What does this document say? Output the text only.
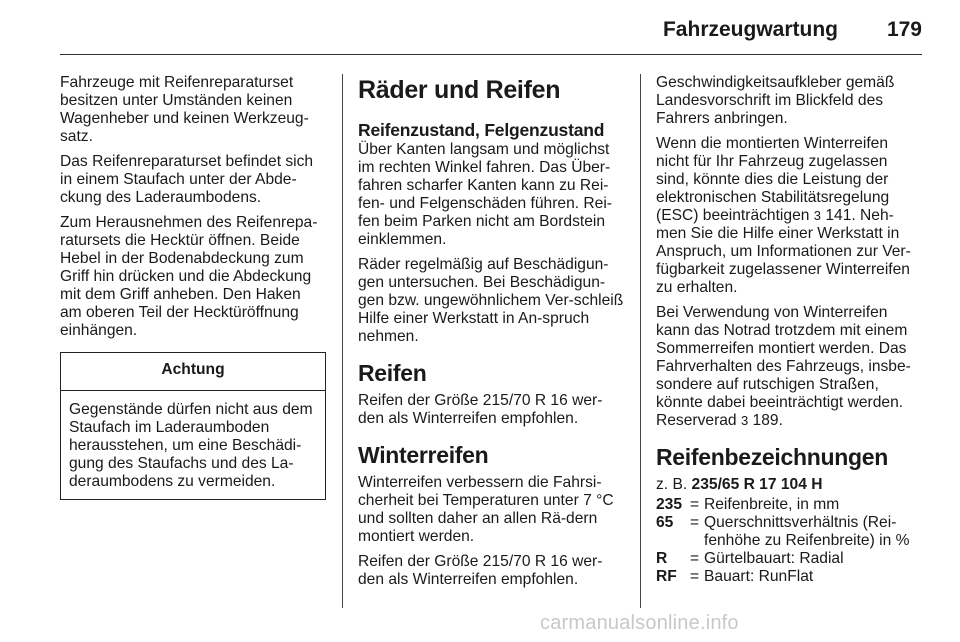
Fahrzeugwartung 179

Fahrzeuge mit Reifenreparaturset besitzen unter Umständen keinen Wagenheber und keinen Werkzeug-satz.

Das Reifenreparaturset befindet sich in einem Staufach unter der Abde-ckung des Laderaumbodens.

Zum Herausnehmen des Reifenrepa-ratursets die Hecktür öffnen. Beide Hebel in der Bodenabdeckung zum Griff hin drücken und die Abdeckung mit dem Griff anheben. Den Haken am oberen Teil der Hecktüröffnung einhängen.

Achtung

Gegenstände dürfen nicht aus dem Staufach im Laderaumboden herausstehen, um eine Beschädi-gung des Staufachs und des La-deraumbodens zu vermeiden.

Räder und Reifen
Reifenzustand, Felgenzustand

Über Kanten langsam und möglichst im rechten Winkel fahren. Das Über-fahren scharfer Kanten kann zu Rei-fen- und Felgenschäden führen. Rei-fen beim Parken nicht am Bordstein einklemmen.

Räder regelmäßig auf Beschädigun-gen untersuchen. Bei Beschädigun-gen bzw. ungewöhnlichem Ver-schleiß Hilfe einer Werkstatt in An-spruch nehmen.

Reifen

Reifen der Größe 215/70 R 16 wer-den als Winterreifen empfohlen.

Winterreifen

Winterreifen verbessern die Fahrsi-cherheit bei Temperaturen unter 7 °C und sollten daher an allen Rä-dern montiert werden.

Reifen der Größe 215/70 R 16 wer-den als Winterreifen empfohlen.

Geschwindigkeitsaufkleber gemäß Landesvorschrift im Blickfeld des Fahrers anbringen.

Wenn die montierten Winterreifen nicht für Ihr Fahrzeug zugelassen sind, könnte dies die Leistung der elektronischen Stabilitätsregelung (ESC) beeinträchtigen 3 141. Neh-men Sie die Hilfe einer Werkstatt in Anspruch, um Informationen zur Ver-fügbarkeit zugelassener Winterreifen zu erhalten.

Bei Verwendung von Winterreifen kann das Notrad trotzdem mit einem Sommerreifen montiert werden. Das Fahrverhalten des Fahrzeugs, insbe-sondere auf rutschigen Straßen, könnte dabei beeinträchtigt werden. Reserverad 3 189.

Reifenbezeichnungen
z. B. 235/65 R 17 104 H
235	=	Reifenbreite, in mm
65	=	Querschnittsverhältnis (Rei-fenhöhe zu Reifenbreite) in %
R	=	Gürtelbauart: Radial
RF	=	Bauart: RunFlat
carmanualsonline.info
